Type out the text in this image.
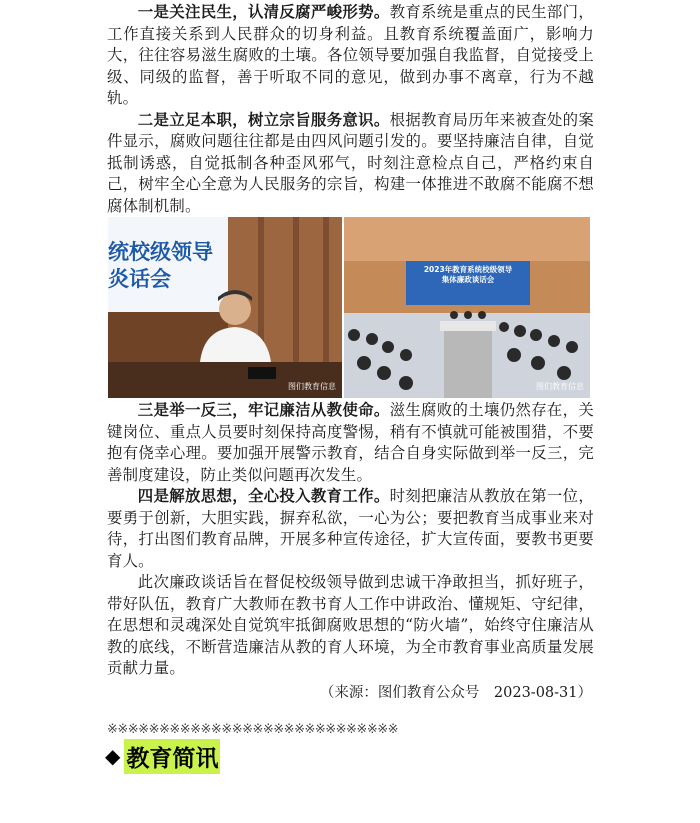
一是关注民生，认清反腐严峻形势。教育系统是重点的民生部门，工作直接关系到人民群众的切身利益。且教育系统覆盖面广，影响力大，往往容易滋生腐败的土壤。各位领导要加强自我监督，自觉接受上级、同级的监督，善于听取不同的意见，做到办事不离章，行为不越轨。

二是立足本职，树立宗旨服务意识。根据教育局历年来被查处的案件显示，腐败问题往往都是由四风问题引发的。要坚持廉洁自律，自觉抵制诱惑，自觉抵制各种歪风邪气，时刻注意检点自己，严格约束自己，树牢全心全意为人民服务的宗旨，构建一体推进不敢腐不能腐不想腐体制机制。

统校级领导
炎话会
图们教育信息
2023年教育系统校级领导
集体廉政谈话会
图们教育信息

三是举一反三，牢记廉洁从教使命。滋生腐败的土壤仍然存在，关键岗位、重点人员要时刻保持高度警惕，稍有不慎就可能被围猎，不要抱有侥幸心理。要加强开展警示教育，结合自身实际做到举一反三，完善制度建设，防止类似问题再次发生。

四是解放思想，全心投入教育工作。时刻把廉洁从教放在第一位，要勇于创新，大胆实践，摒弃私欲，一心为公；要把教育当成事业来对待，打出图们教育品牌，开展多种宣传途径，扩大宣传面，要教书更要育人。

此次廉政谈话旨在督促校级领导做到忠诚干净敢担当，抓好班子，带好队伍，教育广大教师在教书育人工作中讲政治、懂规矩、守纪律，在思想和灵魂深处自觉筑牢抵御腐败思想的“防火墙”，始终守住廉洁从教的底线，不断营造廉洁从教的育人环境，为全市教育事业高质量发展贡献力量。

（来源：图们教育公众号　2023-08-31）
※※※※※※※※※※※※※※※※※※※※※※※※※※※※
◆ 教育简讯
